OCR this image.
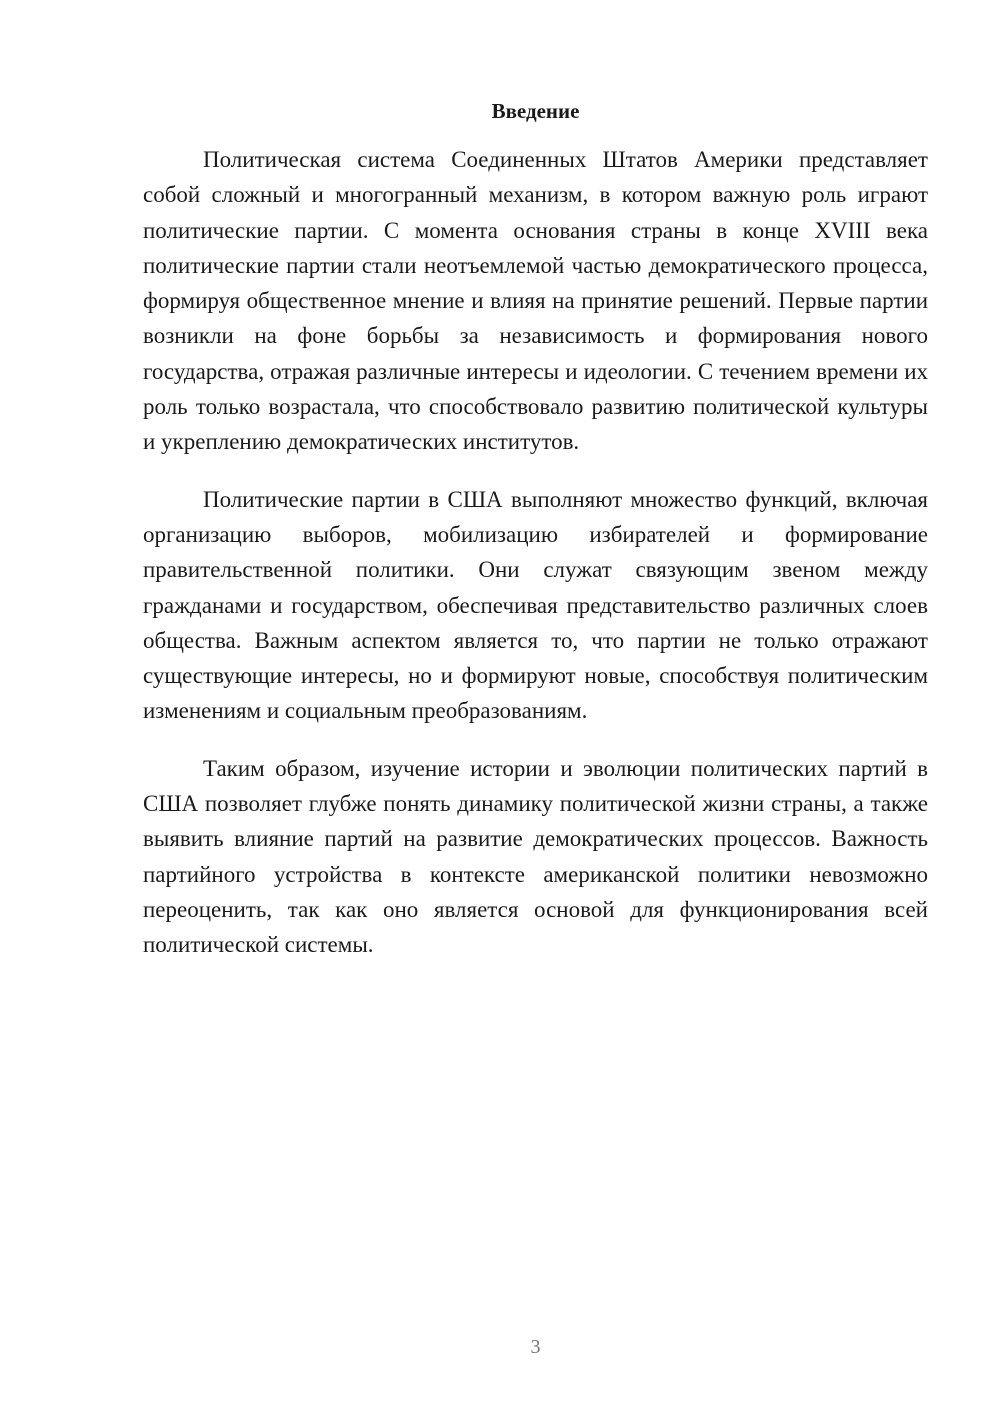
Введение

Политическая система Соединенных Штатов Америки представляет собой сложный и многогранный механизм, в котором важную роль играют политические партии. С момента основания страны в конце XVIII века политические партии стали неотъемлемой частью демократического процесса, формируя общественное мнение и влияя на принятие решений. Первые партии возникли на фоне борьбы за независимость и формирования нового государства, отражая различные интересы и идеологии. С течением времени их роль только возрастала, что способствовало развитию политической культуры и укреплению демократических институтов.

Политические партии в США выполняют множество функций, включая организацию выборов, мобилизацию избирателей и формирование правительственной политики. Они служат связующим звеном между гражданами и государством, обеспечивая представительство различных слоев общества. Важным аспектом является то, что партии не только отражают существующие интересы, но и формируют новые, способствуя политическим изменениям и социальным преобразованиям.

Таким образом, изучение истории и эволюции политических партий в США позволяет глубже понять динамику политической жизни страны, а также выявить влияние партий на развитие демократических процессов. Важность партийного устройства в контексте американской политики невозможно переоценить, так как оно является основой для функционирования всей политической системы.

3
